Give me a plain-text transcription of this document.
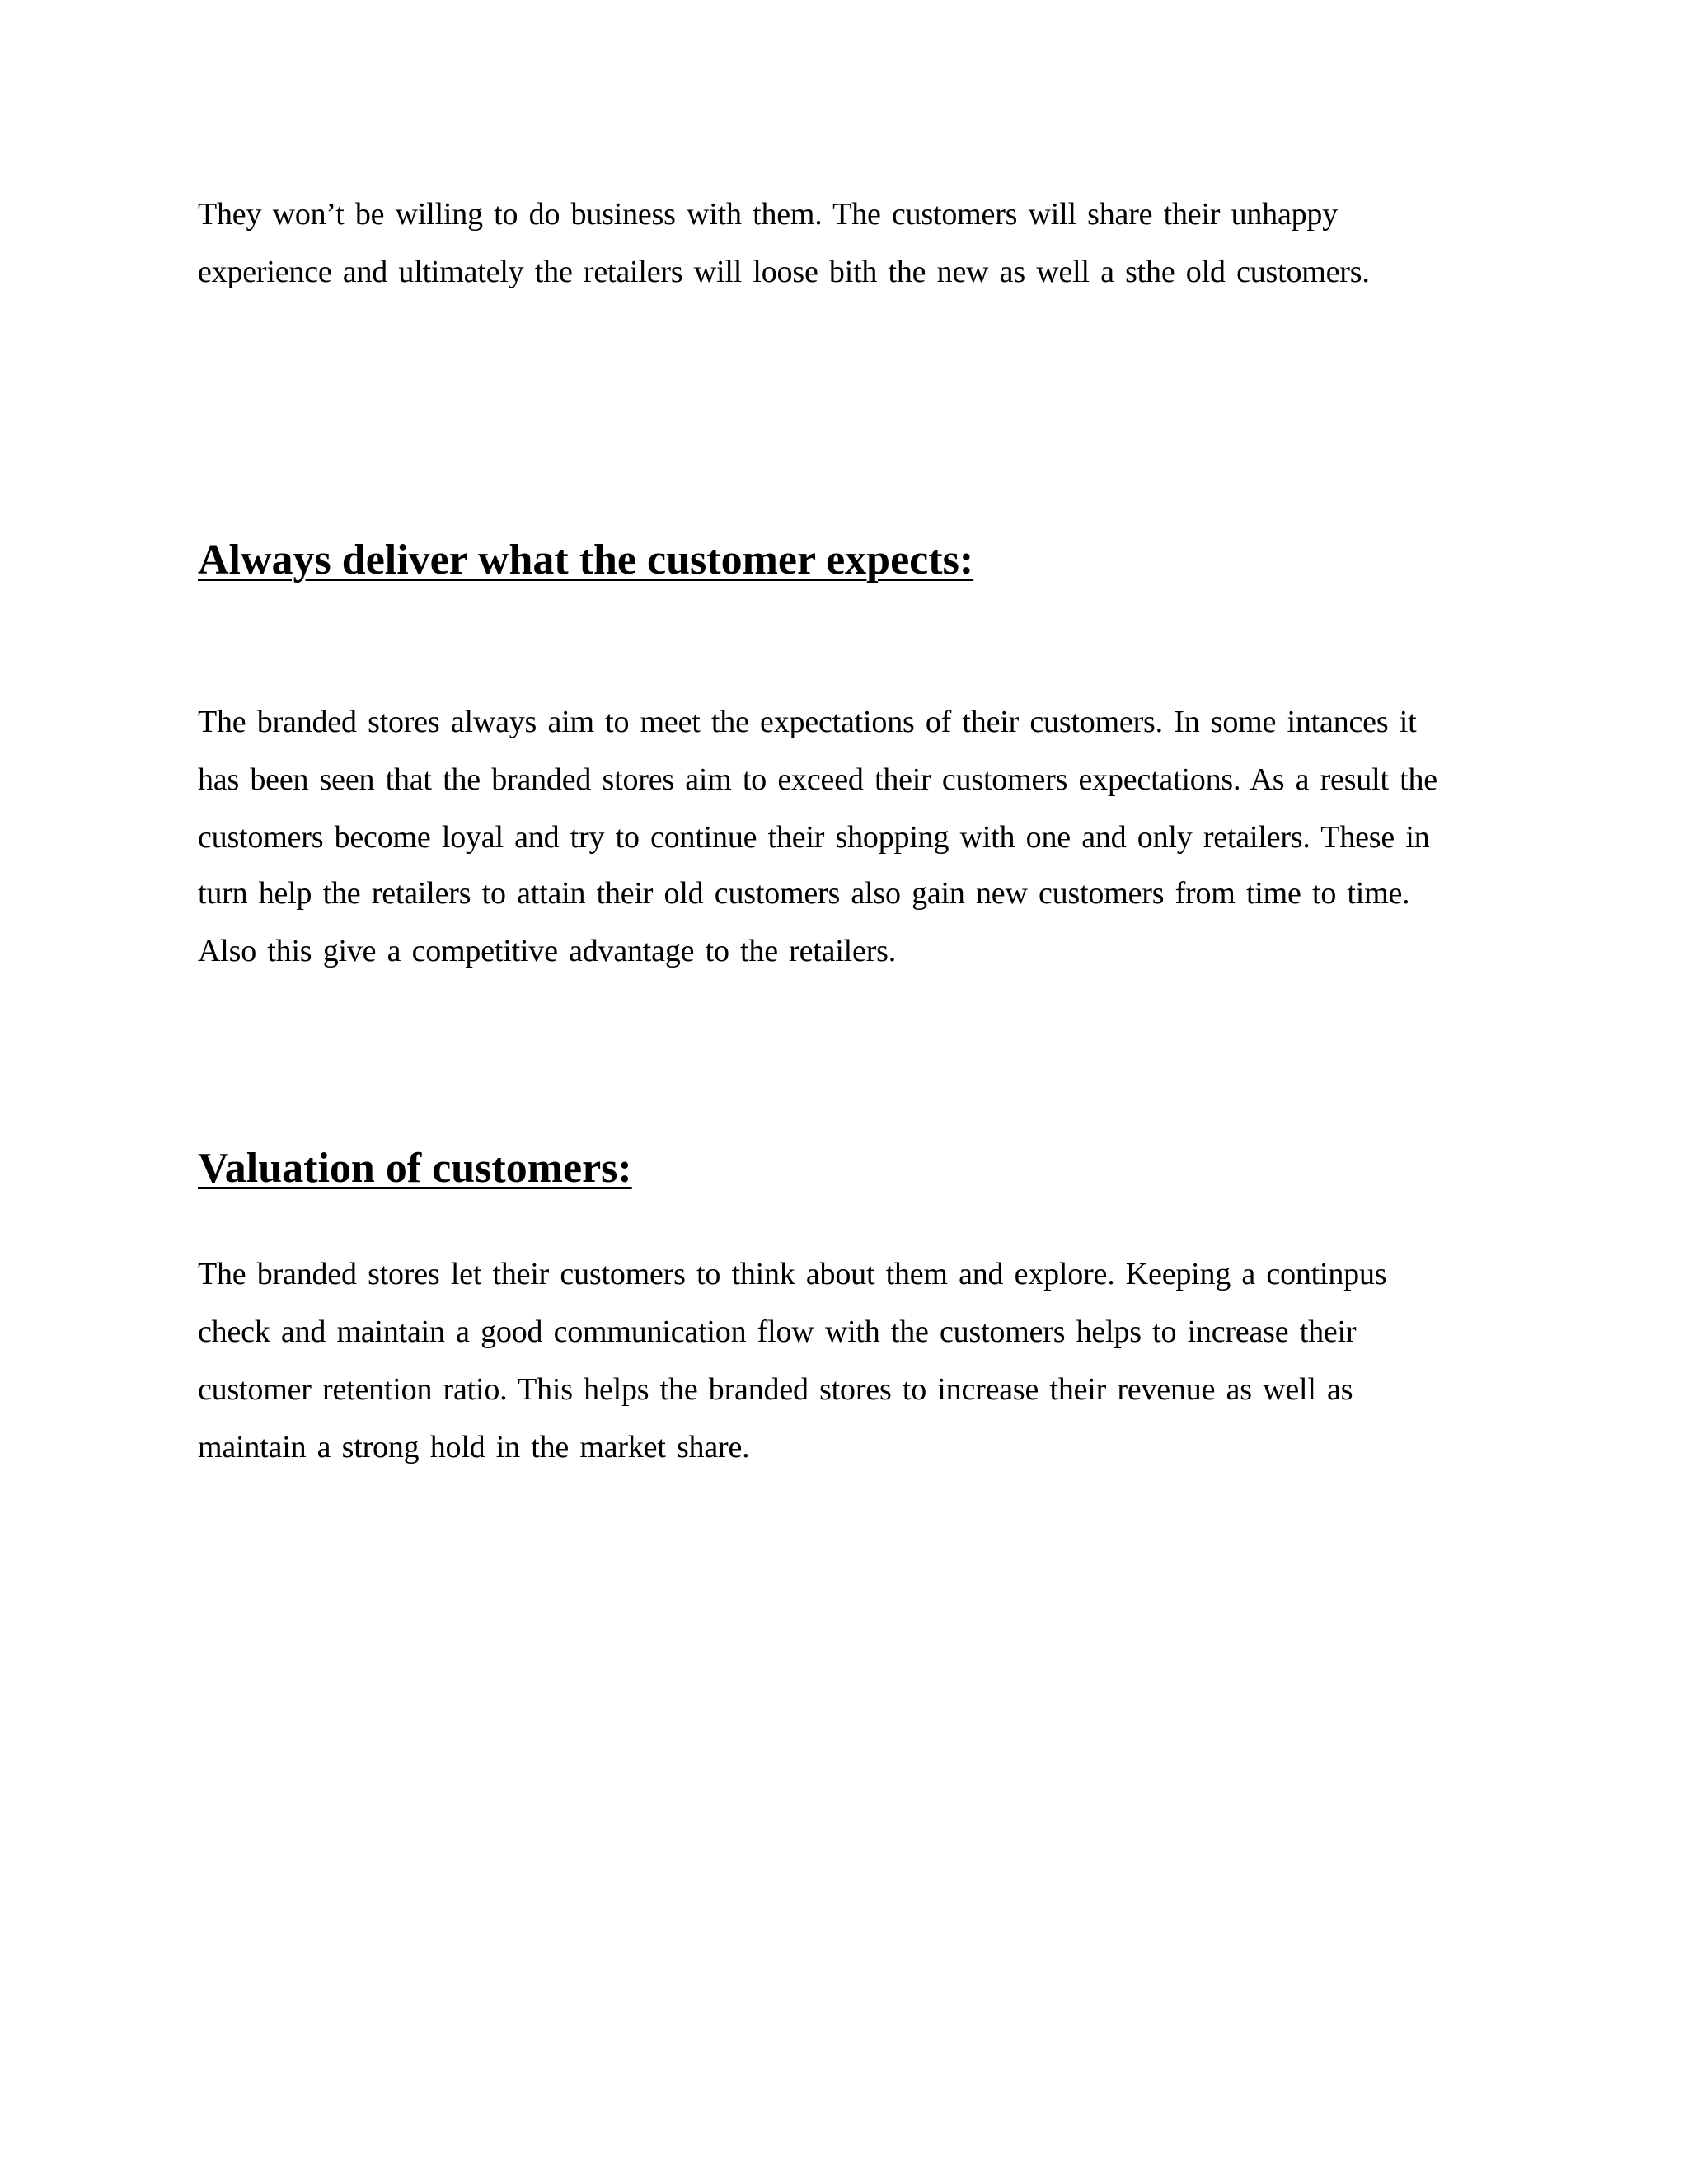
They won’t be willing to do business with them. The customers will share their unhappy
experience and ultimately the retailers will loose bith the new as well a sthe old customers.
Always deliver what the customer expects:
The branded stores always aim to meet the expectations of their customers. In some intances it
has been seen that the branded stores aim to exceed their customers expectations. As a result the
customers become loyal and try to continue their shopping with one and only retailers. These in
turn help the retailers to attain their old customers also gain new customers from time to time.
Also this give a competitive advantage to the retailers.
Valuation of customers:
The branded stores let their customers to think about them and explore. Keeping a continpus
check and maintain a good communication flow with the customers helps to increase their
customer retention ratio. This helps the branded stores to increase their revenue as well as
maintain a strong hold in the market share.
